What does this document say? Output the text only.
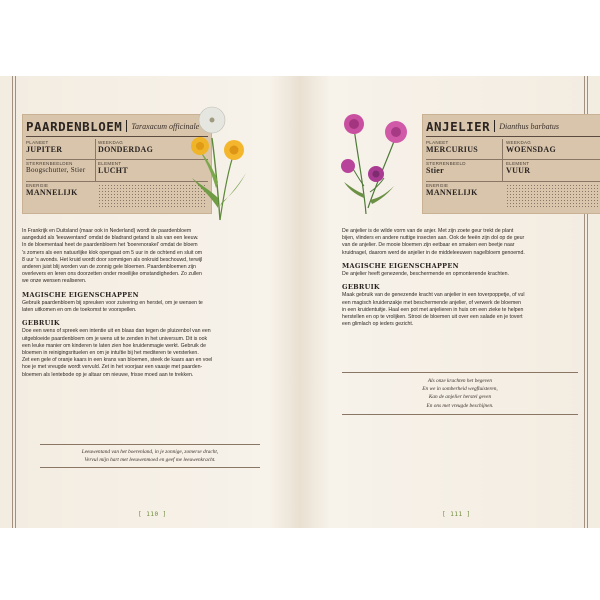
PAARDENBLOEM Taraxacum officinale
PLANEET
JUPITER
WEEKDAG
DONDERDAG
STERRENBEELDEN
Boogschutter, Stier
ELEMENT
LUCHT
ENERGIE
MANNELIJK

In Frankrijk en Duitsland (maar ook in Nederland) wordt de paardenbloem

aangeduid als 'leeuwentand' omdat de bladrand getand is als van een leeuw.

In de bloementaal heet de paardenbloem het 'boerenorakel' omdat de bloem

's zomers als een natuurlijke klok opengaat om 5 uur in de ochtend en sluit om

8 uur 's avonds. Het kruid wordt door sommigen als onkruid beschouwd, terwijl

anderen juist blij worden van de zonnig gele bloemen. Paardenbloemen zijn

overlevers en leren ons doorzetten onder moeilijke omstandigheden. Zo zullen

we onze wensen realiseren.

MAGISCHE EIGENSCHAPPEN

Gebruik paardenbloem bij spreuken voor zuivering en herstel, om je wensen te

laten uitkomen en om de toekomst te voorspellen.

GEBRUIK

Doe een wens of spreek een intentie uit en blaas dan tegen de pluizenbol van een

uitgebloeide paardenbloem om je wens uit te zenden in het universum. Dit is ook

een leuke manier om kinderen te laten zien hoe kruidenmagie werkt. Gebruik de

bloemen in reinigingsrituelen en om je intuïtie bij het mediteren te versterken.

Zet een gele of oranje kaars in een krans van bloemen, steek de kaars aan en voel

hoe je met vreugde wordt vervuld. Zet in het voorjaar een vaasje met paarden-

bloemen als lentebode op je altaar om nieuwe, frisse moed aan te trekken.

Leeuwentand van het boerenland, in je zonnige, zomerse dracht,
Vervul mijn hart met leeuwenmoed en geef me leeuwenkracht.
[ 110 ]
ANJELIER Dianthus barbatus
PLANEET
MERCURIUS
WEEKDAG
WOENSDAG
STERRENBEELD
Stier
ELEMENT
VUUR
ENERGIE
MANNELIJK

De anjelier is de wilde vorm van de anjer. Met zijn zoete geur trekt de plant

bijen, vlinders en andere nuttige insecten aan. Ook de feeën zijn dol op de geur

van de anjelier. De mooie bloemen zijn eetbaar en smaken een beetje naar

kruidnagel, daarom werd de anjelier in de middeleeuwen nagelbloem genoemd.

MAGISCHE EIGENSCHAPPEN

De anjelier heeft genezende, beschermende en opmonterende krachten.

GEBRUIK

Maak gebruik van de genezende kracht van anjelier in een toverpoppetje, of vul

een magisch kruidenzakje met beschermende anjelier, of verwerk de bloemen

in een kruidentuitje. Haal een pot met anjelieren in huis om een zieke te helpen

herstellen en op te vrolijken. Strooi de bloemen uit over een salade en je tovert

een glimlach op ieders gezicht.

Als onze krachten het begeven
En we in somberheid wegfluisteren,
Kan de anjelier herstel geven
En ons met vreugde beschijnen.
[ 111 ]
